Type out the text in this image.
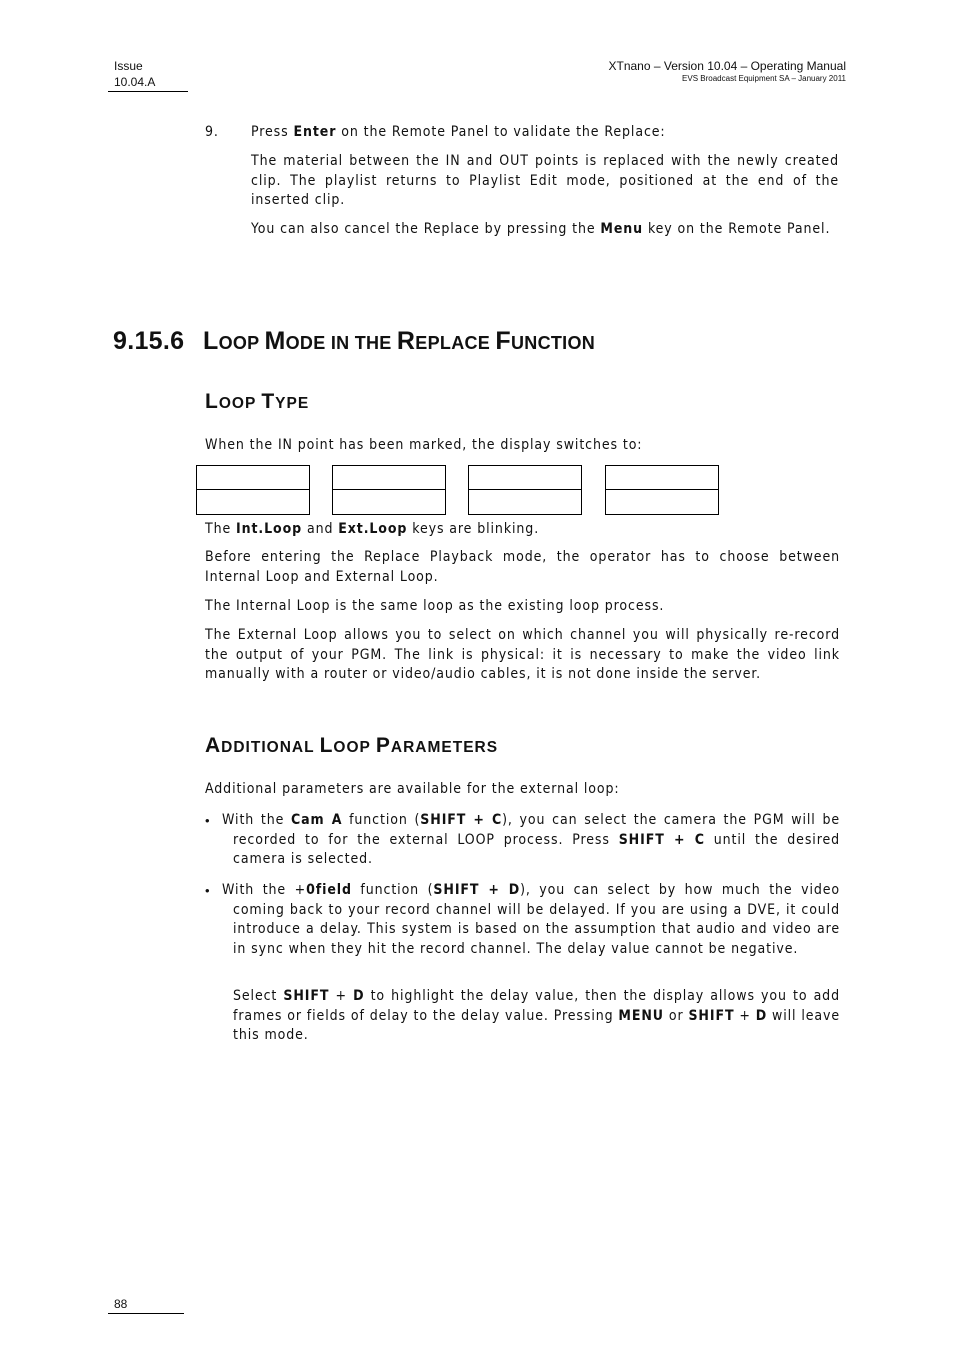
Issue
10.04.A
XTnano – Version 10.04 – Operating Manual
EVS Broadcast Equipment SA – January 2011
9. Press Enter on the Remote Panel to validate the Replace:
The material between the IN and OUT points is replaced with the newly created clip. The playlist returns to Playlist Edit mode, positioned at the end of the inserted clip.
You can also cancel the Replace by pressing the Menu key on the Remote Panel.
9.15.6 LOOP MODE IN THE REPLACE FUNCTION
LOOP TYPE
When the IN point has been marked, the display switches to:
The Int.Loop and Ext.Loop keys are blinking.
Before entering the Replace Playback mode, the operator has to choose between Internal Loop and External Loop.
The Internal Loop is the same loop as the existing loop process.
The External Loop allows you to select on which channel you will physically re-record the output of your PGM. The link is physical: it is necessary to make the video link manually with a router or video/audio cables, it is not done inside the server.
ADDITIONAL LOOP PARAMETERS
Additional parameters are available for the external loop:
• With the Cam A function (SHIFT + C), you can select the camera the PGM will be recorded to for the external LOOP process. Press SHIFT + C until the desired camera is selected.
• With the +0field function (SHIFT + D), you can select by how much the video coming back to your record channel will be delayed. If you are using a DVE, it could introduce a delay. This system is based on the assumption that audio and video are in sync when they hit the record channel. The delay value cannot be negative.
Select SHIFT + D to highlight the delay value, then the display allows you to add frames or fields of delay to the delay value. Pressing MENU or SHIFT + D will leave this mode.
88
